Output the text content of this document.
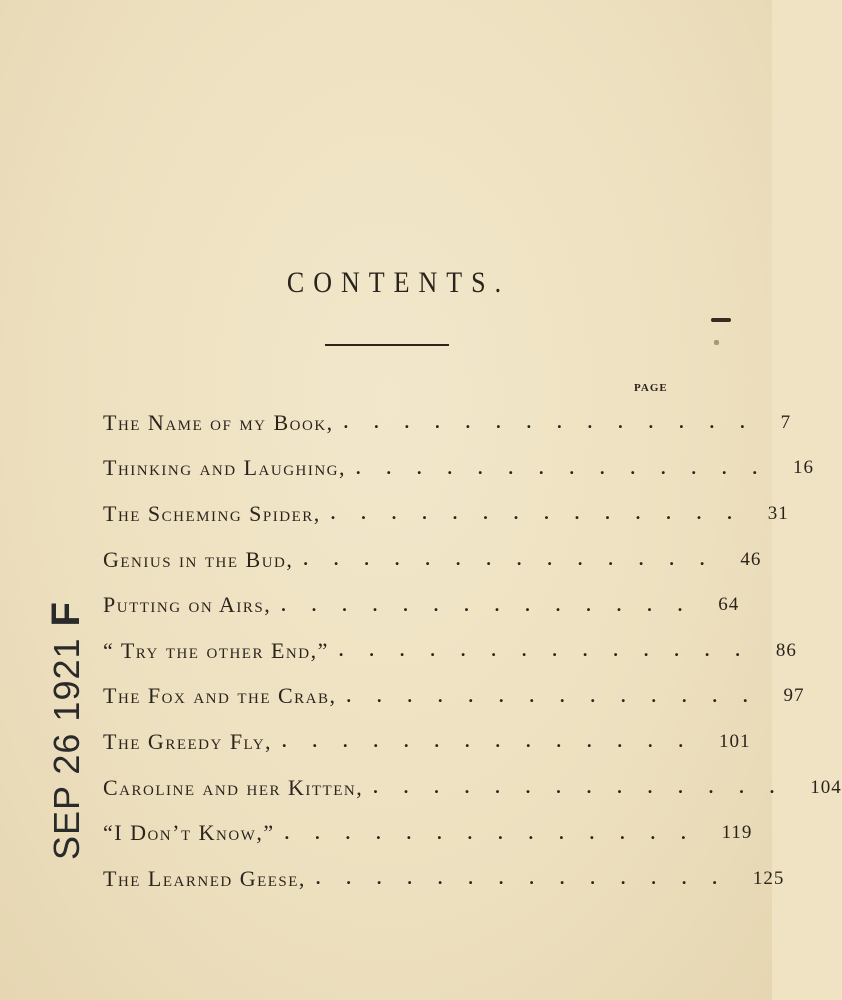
CONTENTS.
PAGE
The Name of my Book, .............. 7
Thinking and Laughing, .............. 16
The Scheming Spider, .............. 31
Genius in the Bud, .............. 46
Putting on Airs, .............. 64
“ Try the other End,” .............. 86
The Fox and the Crab, .............. 97
The Greedy Fly, .............. 101
Caroline and her Kitten, .............. 104
“I Don’t Know,” .............. 119
The Learned Geese, .............. 125
SEP 26 1921 F
